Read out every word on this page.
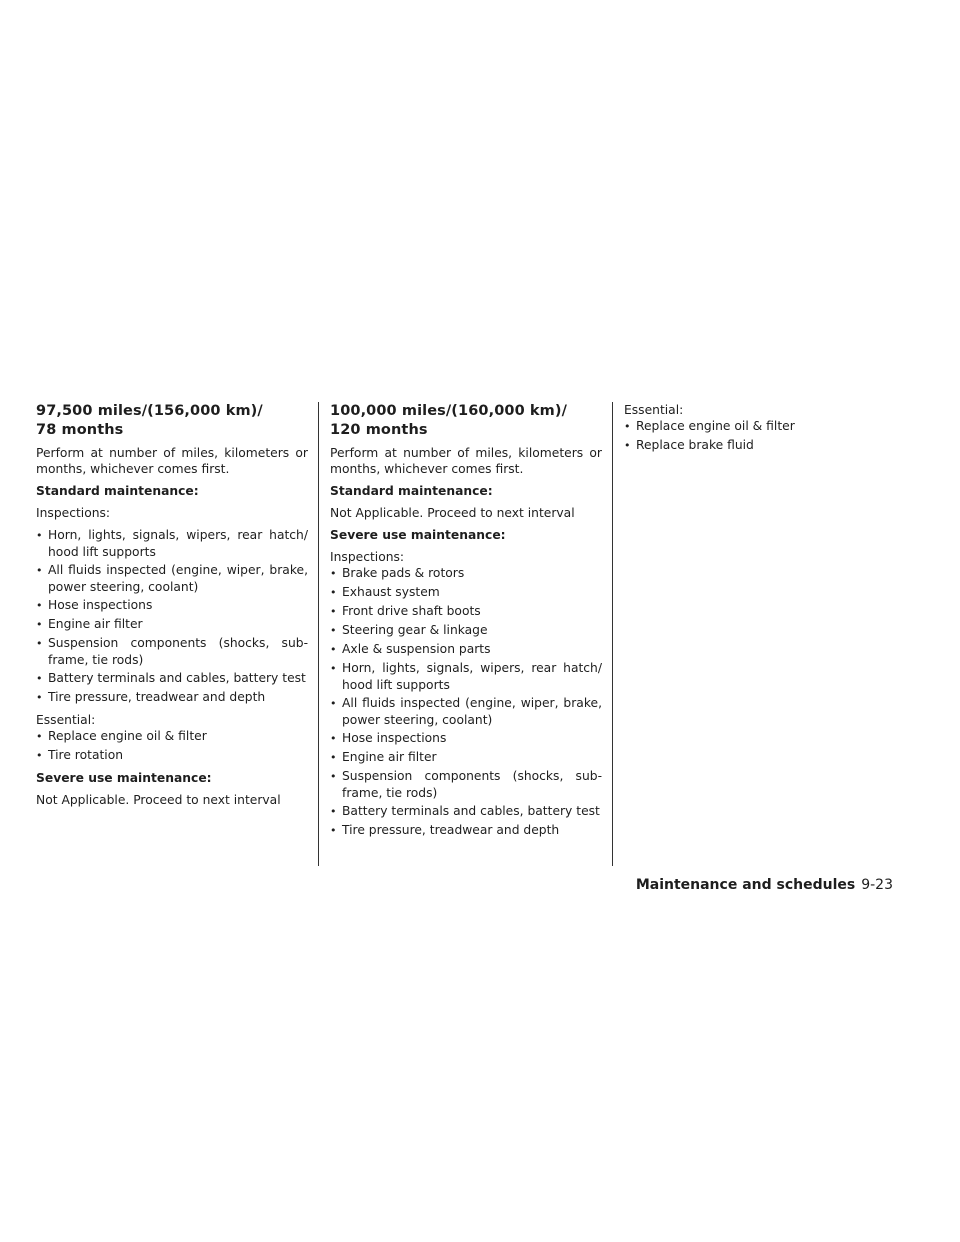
97,500 miles/(156,000 km)/
78 months
Perform at number of miles, kilometers or months, whichever comes first.
Standard maintenance:
Inspections:
• Horn, lights, signals, wipers, rear hatch/ hood lift supports
• All fluids inspected (engine, wiper, brake, power steering, coolant)
• Hose inspections
• Engine air filter
• Suspension components (shocks, sub-frame, tie rods)
• Battery terminals and cables, battery test
• Tire pressure, treadwear and depth
Essential:
• Replace engine oil & filter
• Tire rotation
Severe use maintenance:
Not Applicable. Proceed to next interval
100,000 miles/(160,000 km)/
120 months
Perform at number of miles, kilometers or months, whichever comes first.
Standard maintenance:
Not Applicable. Proceed to next interval
Severe use maintenance:
Inspections:
• Brake pads & rotors
• Exhaust system
• Front drive shaft boots
• Steering gear & linkage
• Axle & suspension parts
• Horn, lights, signals, wipers, rear hatch/ hood lift supports
• All fluids inspected (engine, wiper, brake, power steering, coolant)
• Hose inspections
• Engine air filter
• Suspension components (shocks, sub-frame, tie rods)
• Battery terminals and cables, battery test
• Tire pressure, treadwear and depth
Essential:
• Replace engine oil & filter
• Replace brake fluid
Maintenance and schedules 9-23
